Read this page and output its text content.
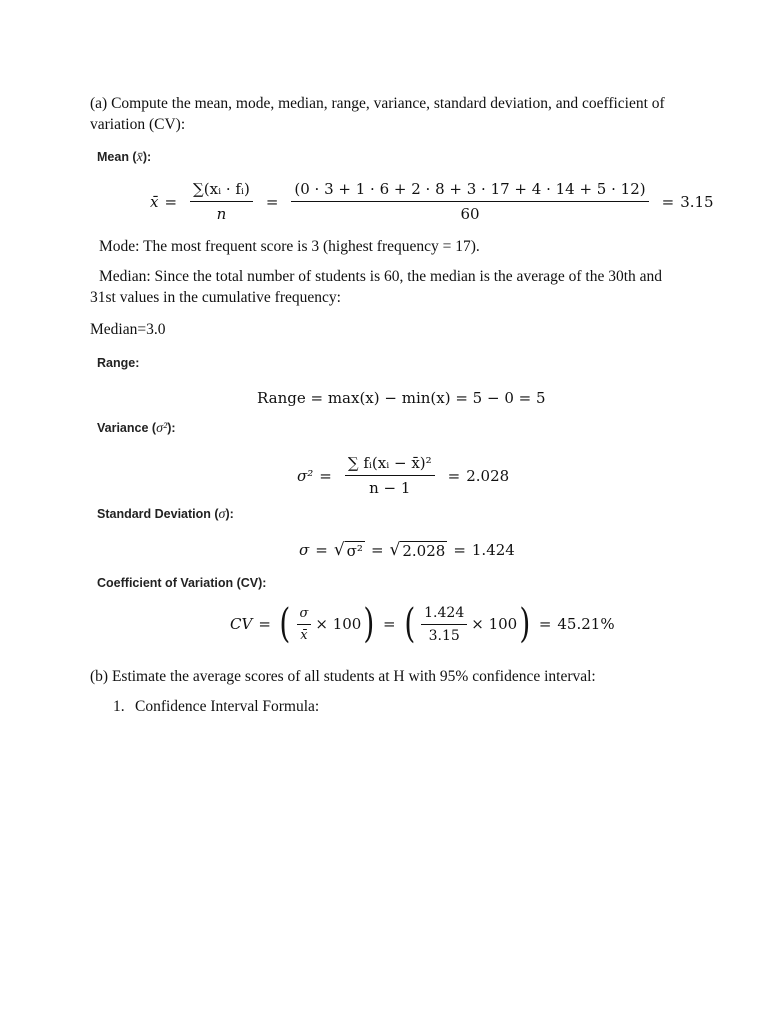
(a) Compute the mean, mode, median, range, variance, standard deviation, and coefficient of variation (CV):
Mean (x̄):
x̄ = $\frac{\text{∑(xᵢ · fᵢ)}}{n} = \frac{(0 \cdot 3 + 1 \cdot 6 + 2 \cdot 8 + 3 \cdot 17 + 4 \cdot 14 + 5 \cdot 12)}{60} = 3.15$
Mode: The most frequent score is 3 (highest frequency = 17).
Median: Since the total number of students is 60, the median is the average of the 30th and 31st values in the cumulative frequency:
Median=3.0
Range:
Range = max(x) − min(x) = 5 − 0 = 5
Variance (σ²):
$\sigma^2 = \frac{\text{∑ fᵢ(xᵢ − x̄)²}}{n - 1} = 2.028$
Standard Deviation (σ):
σ = √ σ² = √ 2.028 = 1.424
Coefficient of Variation (CV):
CV = ( $\frac{\sigma}{x̄} \times 100$ ) = ( $\frac{1.424}{3.15} \times 100$ ) = 45.21%
(b) Estimate the average scores of all students at H with 95% confidence interval:
1. Confidence Interval Formula:
